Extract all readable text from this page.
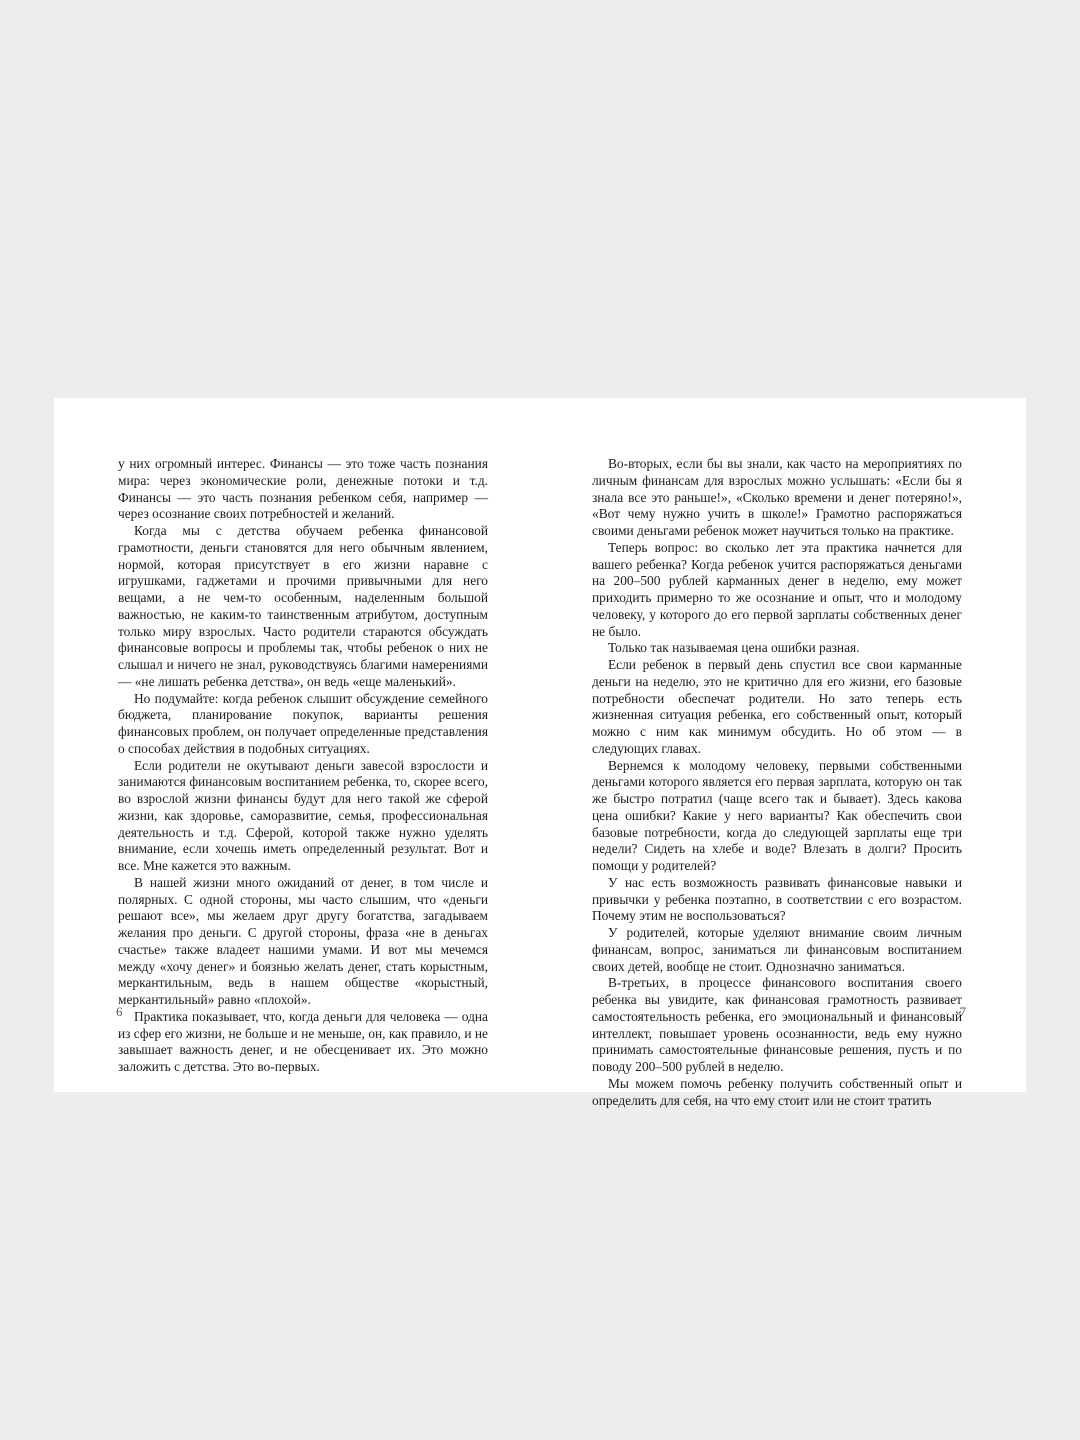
у них огромный интерес. Финансы — это тоже часть познания мира: через экономические роли, денежные потоки и т.д. Финансы — это часть познания ребенком себя, например — через осознание своих потребностей и желаний.

Когда мы с детства обучаем ребенка финансовой грамотности, деньги становятся для него обычным явлением, нормой, которая присутствует в его жизни наравне с игрушками, гаджетами и прочими привычными для него вещами, а не чем-то особенным, наделенным большой важностью, не каким-то таинственным атрибутом, доступным только миру взрослых. Часто родители стараются обсуждать финансовые вопросы и проблемы так, чтобы ребенок о них не слышал и ничего не знал, руководствуясь благими намерениями — «не лишать ребенка детства», он ведь «еще маленький».

Но подумайте: когда ребенок слышит обсуждение семейного бюджета, планирование покупок, варианты решения финансовых проблем, он получает определенные представления о способах действия в подобных ситуациях.

Если родители не окутывают деньги завесой взрослости и занимаются финансовым воспитанием ребенка, то, скорее всего, во взрослой жизни финансы будут для него такой же сферой жизни, как здоровье, саморазвитие, семья, профессиональная деятельность и т.д. Сферой, которой также нужно уделять внимание, если хочешь иметь определенный результат. Вот и все. Мне кажется это важным.

В нашей жизни много ожиданий от денег, в том числе и полярных. С одной стороны, мы часто слышим, что «деньги решают все», мы желаем друг другу богатства, загадываем желания про деньги. С другой стороны, фраза «не в деньгах счастье» также владеет нашими умами. И вот мы мечемся между «хочу денег» и боязнью желать денег, стать корыстным, меркантильным, ведь в нашем обществе «корыстный, меркантильный» равно «плохой».

Практика показывает, что, когда деньги для человека — одна из сфер его жизни, не больше и не меньше, он, как правило, и не завышает важность денег, и не обесценивает их. Это можно заложить с детства. Это во-первых.

6

Во-вторых, если бы вы знали, как часто на мероприятиях по личным финансам для взрослых можно услышать: «Если бы я знала все это раньше!», «Сколько времени и денег потеряно!», «Вот чему нужно учить в школе!» Грамотно распоряжаться своими деньгами ребенок может научиться только на практике.

Теперь вопрос: во сколько лет эта практика начнется для вашего ребенка? Когда ребенок учится распоряжаться деньгами на 200–500 рублей карманных денег в неделю, ему может приходить примерно то же осознание и опыт, что и молодому человеку, у которого до его первой зарплаты собственных денег не было.

Только так называемая цена ошибки разная.

Если ребенок в первый день спустил все свои карманные деньги на неделю, это не критично для его жизни, его базовые потребности обеспечат родители. Но зато теперь есть жизненная ситуация ребенка, его собственный опыт, который можно с ним как минимум обсудить. Но об этом — в следующих главах.

Вернемся к молодому человеку, первыми собственными деньгами которого является его первая зарплата, которую он так же быстро потратил (чаще всего так и бывает). Здесь какова цена ошибки? Какие у него варианты? Как обеспечить свои базовые потребности, когда до следующей зарплаты еще три недели? Сидеть на хлебе и воде? Влезать в долги? Просить помощи у родителей?

У нас есть возможность развивать финансовые навыки и привычки у ребенка поэтапно, в соответствии с его возрастом. Почему этим не воспользоваться?

У родителей, которые уделяют внимание своим личным финансам, вопрос, заниматься ли финансовым воспитанием своих детей, вообще не стоит. Однозначно заниматься.

В-третьих, в процессе финансового воспитания своего ребенка вы увидите, как финансовая грамотность развивает самостоятельность ребенка, его эмоциональный и финансовый интеллект, повышает уровень осознанности, ведь ему нужно принимать самостоятельные финансовые решения, пусть и по поводу 200–500 рублей в неделю.

Мы можем помочь ребенку получить собственный опыт и определить для себя, на что ему стоит или не стоит тратить

7
